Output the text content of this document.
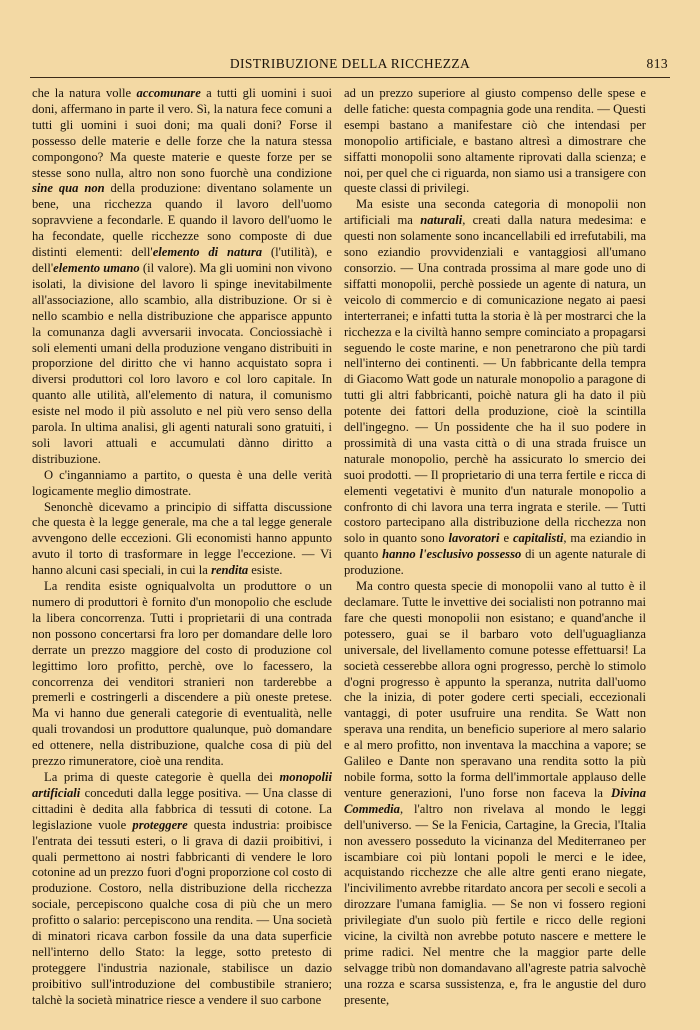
DISTRIBUZIONE DELLA RICCHEZZA	813

che la natura volle accomunare a tutti gli uomini i suoi doni, affermano in parte il vero. Sì, la natura fece comuni a tutti gli uomini i suoi doni; ma quali doni? Forse il possesso delle materie e delle forze che la natura stessa compongono? Ma queste materie e queste forze per se stesse sono nulla, altro non sono fuorchè una condizione sine qua non della produzione: diventano solamente un bene, una ricchezza quando il lavoro dell'uomo sopravviene a fecondarle. E quando il lavoro dell'uomo le ha fecondate, quelle ricchezze sono composte di due distinti elementi: dell'elemento di natura (l'utilità), e dell'elemento umano (il valore). Ma gli uomini non vivono isolati, la divisione del lavoro li spinge inevitabilmente all'associazione, allo scambio, alla distribuzione. Or si è nello scambio e nella distribuzione che apparisce appunto la comunanza dagli avversarii invocata. Conciossiachè i soli elementi umani della produzione vengano distribuiti in proporzione del diritto che vi hanno acquistato sopra i diversi produttori col loro lavoro e col loro capitale. In quanto alle utilità, all'elemento di natura, il comunismo esiste nel modo il più assoluto e nel più vero senso della parola. In ultima analisi, gli agenti naturali sono gratuiti, i soli lavori attuali e accumulati dànno diritto a distribuzione.

O c'inganniamo a partito, o questa è una delle verità logicamente meglio dimostrate.

Senonchè dicevamo a principio di siffatta discussione che questa è la legge generale, ma che a tal legge generale avvengono delle eccezioni. Gli economisti hanno appunto avuto il torto di trasformare in legge l'eccezione. — Vi hanno alcuni casi speciali, in cui la rendita esiste.

La rendita esiste ogniqualvolta un produttore o un numero di produttori è fornito d'un monopolio che esclude la libera concorrenza. Tutti i proprietarii di una contrada non possono concertarsi fra loro per domandare delle loro derrate un prezzo maggiore del costo di produzione col legittimo loro profitto, perchè, ove lo facessero, la concorrenza dei venditori stranieri non tarderebbe a premerli e costringerli a discendere a più oneste pretese. Ma vi hanno due generali categorie di eventualità, nelle quali trovandosi un produttore qualunque, può domandare ed ottenere, nella distribuzione, qualche cosa di più del prezzo rimuneratore, cioè una rendita.

La prima di queste categorie è quella dei monopolii artificiali conceduti dalla legge positiva. — Una classe di cittadini è dedita alla fabbrica di tessuti di cotone. La legislazione vuole proteggere questa industria: proibisce l'entrata dei tessuti esteri, o li grava di dazii proibitivi, i quali permettono ai nostri fabbricanti di vendere le loro cotonine ad un prezzo fuori d'ogni proporzione col costo di produzione. Costoro, nella distribuzione della ricchezza sociale, percepiscono qualche cosa di più che un mero profitto o salario: percepiscono una rendita. — Una società di minatori ricava carbon fossile da una data superficie nell'interno dello Stato: la legge, sotto pretesto di proteggere l'industria nazionale, stabilisce un dazio proibitivo sull'introduzione del combustibile straniero; talchè la società minatrice riesce a vendere il suo carbone

ad un prezzo superiore al giusto compenso delle spese e delle fatiche: questa compagnia gode una rendita. — Questi esempi bastano a manifestare ciò che intendasi per monopolio artificiale, e bastano altresì a dimostrare che siffatti monopolii sono altamente riprovati dalla scienza; e noi, per quel che ci riguarda, non siamo usi a transigere con queste classi di privilegi.

Ma esiste una seconda categoria di monopolii non artificiali ma naturali, creati dalla natura medesima: e questi non solamente sono incancellabili ed irrefutabili, ma sono eziandio provvidenziali e vantaggiosi all'umano consorzio. — Una contrada prossima al mare gode uno di siffatti monopolii, perchè possiede un agente di natura, un veicolo di commercio e di comunicazione negato ai paesi interterranei; e infatti tutta la storia è là per mostrarci che la ricchezza e la civiltà hanno sempre cominciato a propagarsi seguendo le coste marine, e non penetrarono che più tardi nell'interno dei continenti. — Un fabbricante della tempra di Giacomo Watt gode un naturale monopolio a paragone di tutti gli altri fabbricanti, poichè natura gli ha dato il più potente dei fattori della produzione, cioè la scintilla dell'ingegno. — Un possidente che ha il suo podere in prossimità di una vasta città o di una strada fruisce un naturale monopolio, perchè ha assicurato lo smercio dei suoi prodotti. — Il proprietario di una terra fertile e ricca di elementi vegetativi è munito d'un naturale monopolio a confronto di chi lavora una terra ingrata e sterile. — Tutti costoro partecipano alla distribuzione della ricchezza non solo in quanto sono lavoratori e capitalisti, ma eziandio in quanto hanno l'esclusivo possesso di un agente naturale di produzione.

Ma contro questa specie di monopolii vano al tutto è il declamare. Tutte le invettive dei socialisti non potranno mai fare che questi monopolii non esistano; e quand'anche il potessero, guai se il barbaro voto dell'uguaglianza universale, del livellamento comune potesse effettuarsi! La società cesserebbe allora ogni progresso, perchè lo stimolo d'ogni progresso è appunto la speranza, nutrita dall'uomo che la inizia, di poter godere certi speciali, eccezionali vantaggi, di poter usufruire una rendita. Se Watt non sperava una rendita, un beneficio superiore al mero salario e al mero profitto, non inventava la macchina a vapore; se Galileo e Dante non speravano una rendita sotto la più nobile forma, sotto la forma dell'immortale applauso delle venture generazioni, l'uno forse non faceva la Divina Commedia, l'altro non rivelava al mondo le leggi dell'universo. — Se la Fenicia, Cartagine, la Grecia, l'Italia non avessero posseduto la vicinanza del Mediterraneo per iscambiare coi più lontani popoli le merci e le idee, acquistando ricchezze che alle altre genti erano niegate, l'incivilimento avrebbe ritardato ancora per secoli e secoli a dirozzare l'umana famiglia. — Se non vi fossero regioni privilegiate d'un suolo più fertile e ricco delle regioni vicine, la civiltà non avrebbe potuto nascere e mettere le prime radici. Nel mentre che la maggior parte delle selvagge tribù non domandavano all'agreste patria salvochè una rozza e scarsa sussistenza, e, fra le angustie del duro presente,
